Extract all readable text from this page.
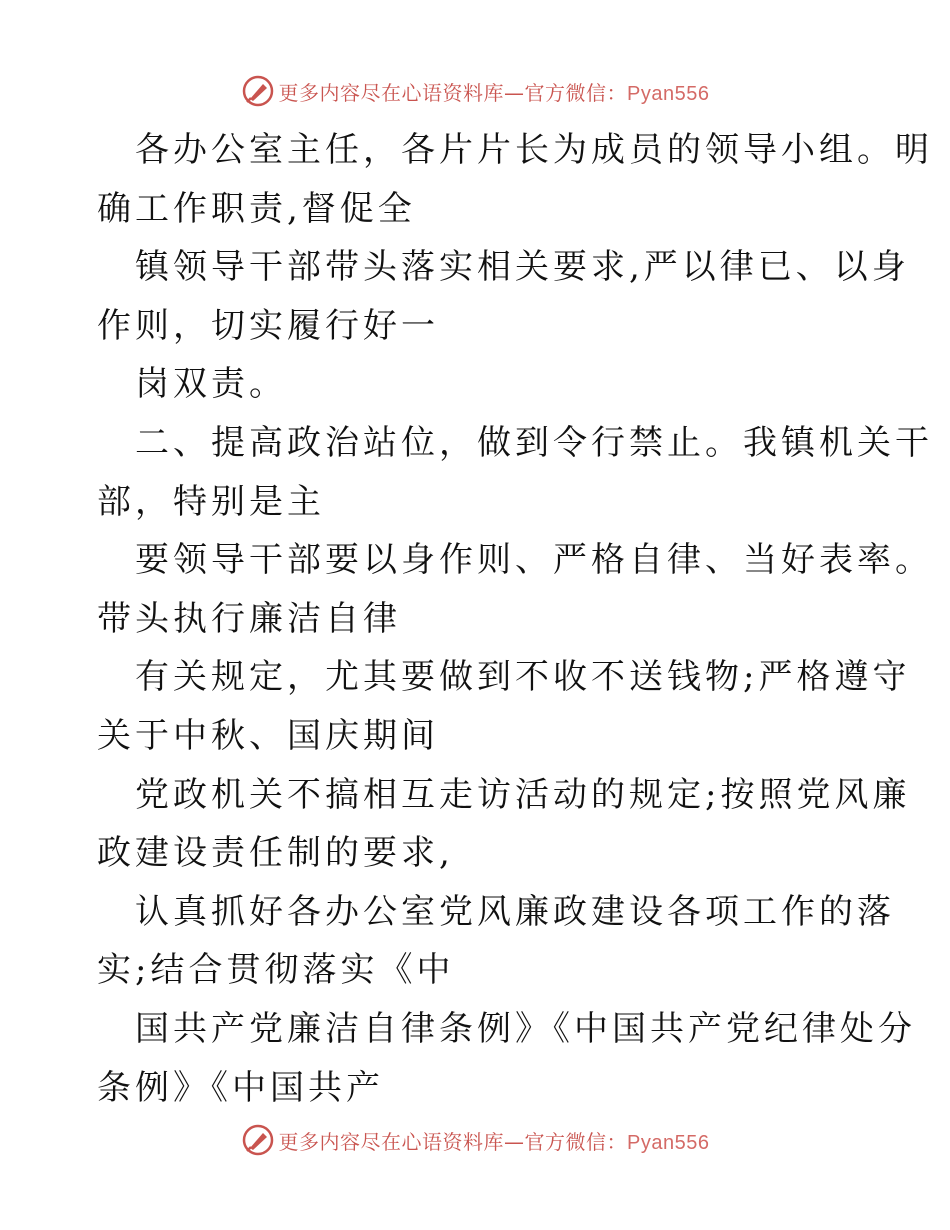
更多内容尽在心语资料库—官方微信：Pyan556

各办公室主任，各片片长为成员的领导小组。明
确工作职责,督促全

镇领导干部带头落实相关要求,严以律已、以身
作则，切实履行好一

岗双责。

二、提高政治站位，做到令行禁止。我镇机关干
部，特别是主

要领导干部要以身作则、严格自律、当好表率。
带头执行廉洁自律

有关规定，尤其要做到不收不送钱物;严格遵守
关于中秋、国庆期间

党政机关不搞相互走访活动的规定;按照党风廉
政建设责任制的要求,

认真抓好各办公室党风廉政建设各项工作的落
实;结合贯彻落实《中

国共产党廉洁自律条例》《中国共产党纪律处分
条例》《中国共产

更多内容尽在心语资料库—官方微信：Pyan556
